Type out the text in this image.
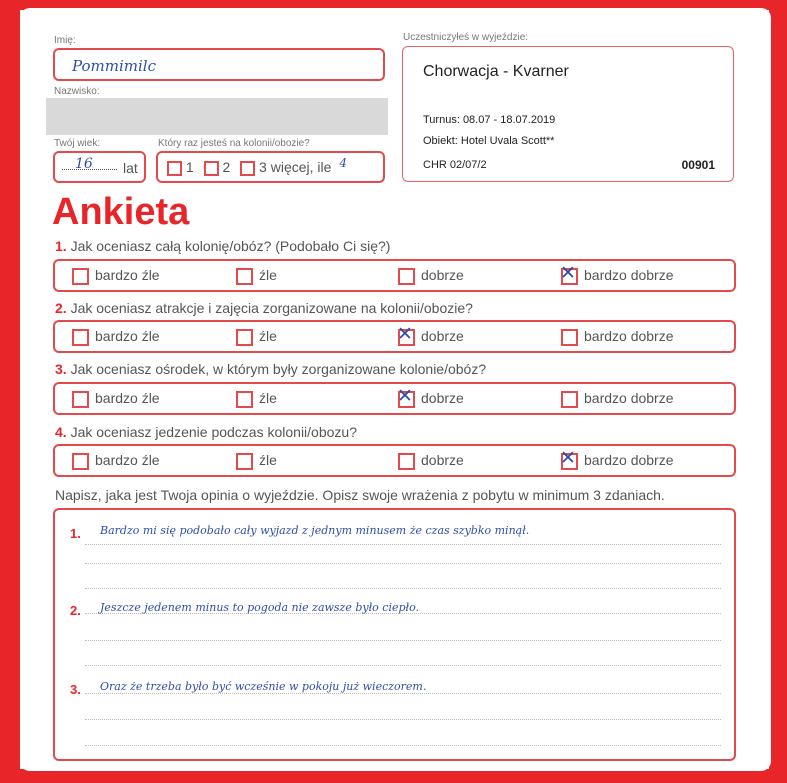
Imię:
Pommimilc
Nazwisko:
Twój wiek:
16 lat
Który raz jesteś na kolonii/obozie?
1 2 3 więcej, ile 4
Uczestniczyłeś w wyjeździe:
Chorwacja - Kvarner
Turnus: 08.07 - 18.07.2019
Obiekt: Hotel Uvala Scott**
CHR 02/07/2	00901
Ankieta
1. Jak oceniasz całą kolonię/obóz? (Podobało Ci się?)
bardzo źle	źle	dobrze	✕ bardzo dobrze
2. Jak oceniasz atrakcje i zajęcia zorganizowane na kolonii/obozie?
bardzo źle	źle	✕ dobrze	bardzo dobrze
3. Jak oceniasz ośrodek, w którym były zorganizowane kolonie/obóz?
bardzo źle	źle	✕ dobrze	bardzo dobrze
4. Jak oceniasz jedzenie podczas kolonii/obozu?
bardzo źle	źle	dobrze	✕ bardzo dobrze
Napisz, jaka jest Twoja opinia o wyjeździe. Opisz swoje wrażenia z pobytu w minimum 3 zdaniach.
1. Bardzo mi się podobało cały wyjazd z jednym minusem że czas szybko minął.
2. Jeszcze jedenem minus to pogoda nie zawsze było ciepło.
3. Oraz że trzeba było być wcześnie w pokoju już wieczorem.
